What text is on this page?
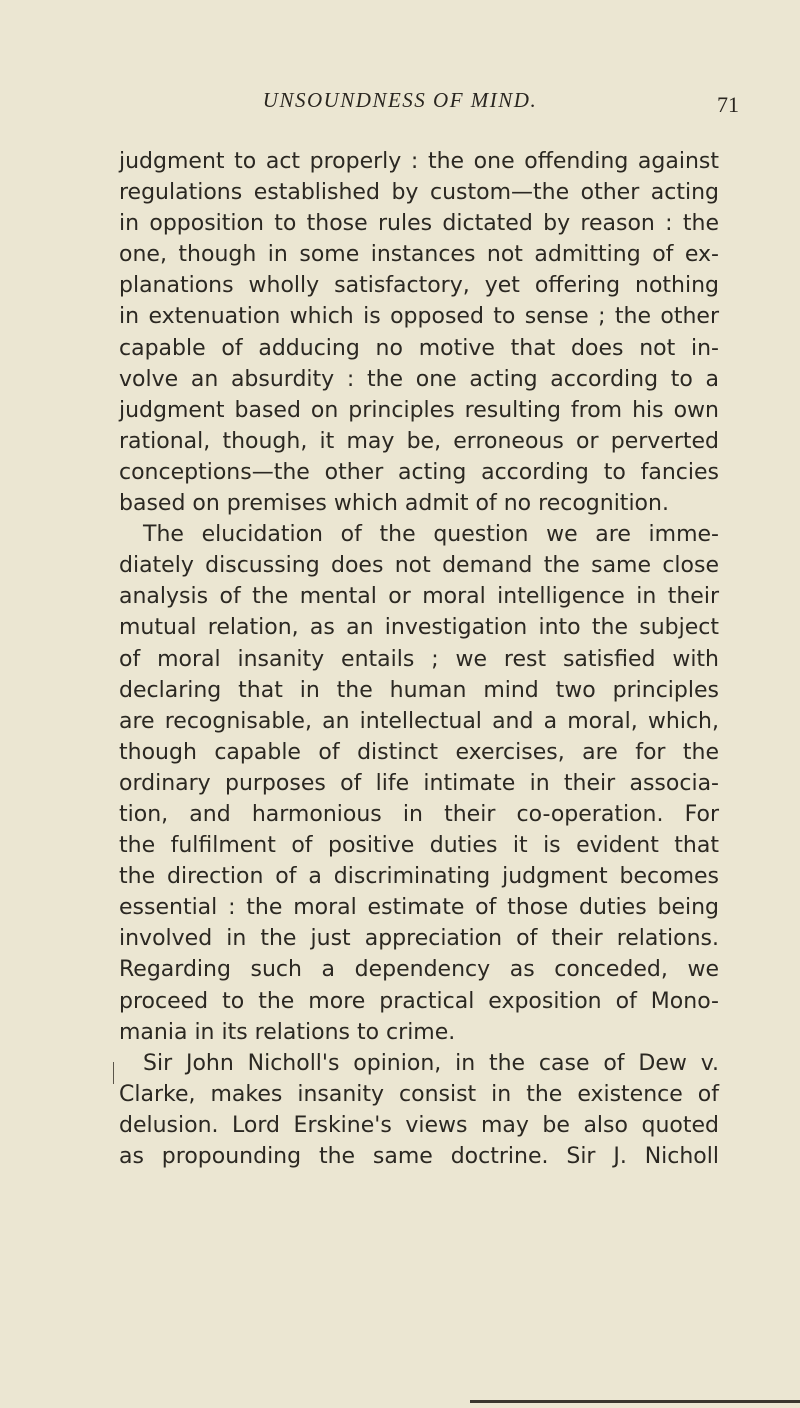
UNSOUNDNESS OF MIND.	71
judgment to act properly : the one offending against
regulations established by custom—the other acting
in opposition to those rules dictated by reason : the
one, though in some instances not admitting of ex-
planations wholly satisfactory, yet offering nothing
in extenuation which is opposed to sense ; the other
capable of adducing no motive that does not in-
volve an absurdity : the one acting according to a
judgment based on principles resulting from his own
rational, though, it may be, erroneous or perverted
conceptions—the other acting according to fancies
based on premises which admit of no recognition.
The elucidation of the question we are imme-
diately discussing does not demand the same close
analysis of the mental or moral intelligence in their
mutual relation, as an investigation into the subject
of moral insanity entails ; we rest satisfied with
declaring that in the human mind two principles
are recognisable, an intellectual and a moral, which,
though capable of distinct exercises, are for the
ordinary purposes of life intimate in their associa-
tion, and harmonious in their co-operation. For
the fulfilment of positive duties it is evident that
the direction of a discriminating judgment becomes
essential : the moral estimate of those duties being
involved in the just appreciation of their relations.
Regarding such a dependency as conceded, we
proceed to the more practical exposition of Mono-
mania in its relations to crime.
Sir John Nicholl's opinion, in the case of Dew v.
Clarke, makes insanity consist in the existence of
delusion. Lord Erskine's views may be also quoted
as propounding the same doctrine. Sir J. Nicholl
